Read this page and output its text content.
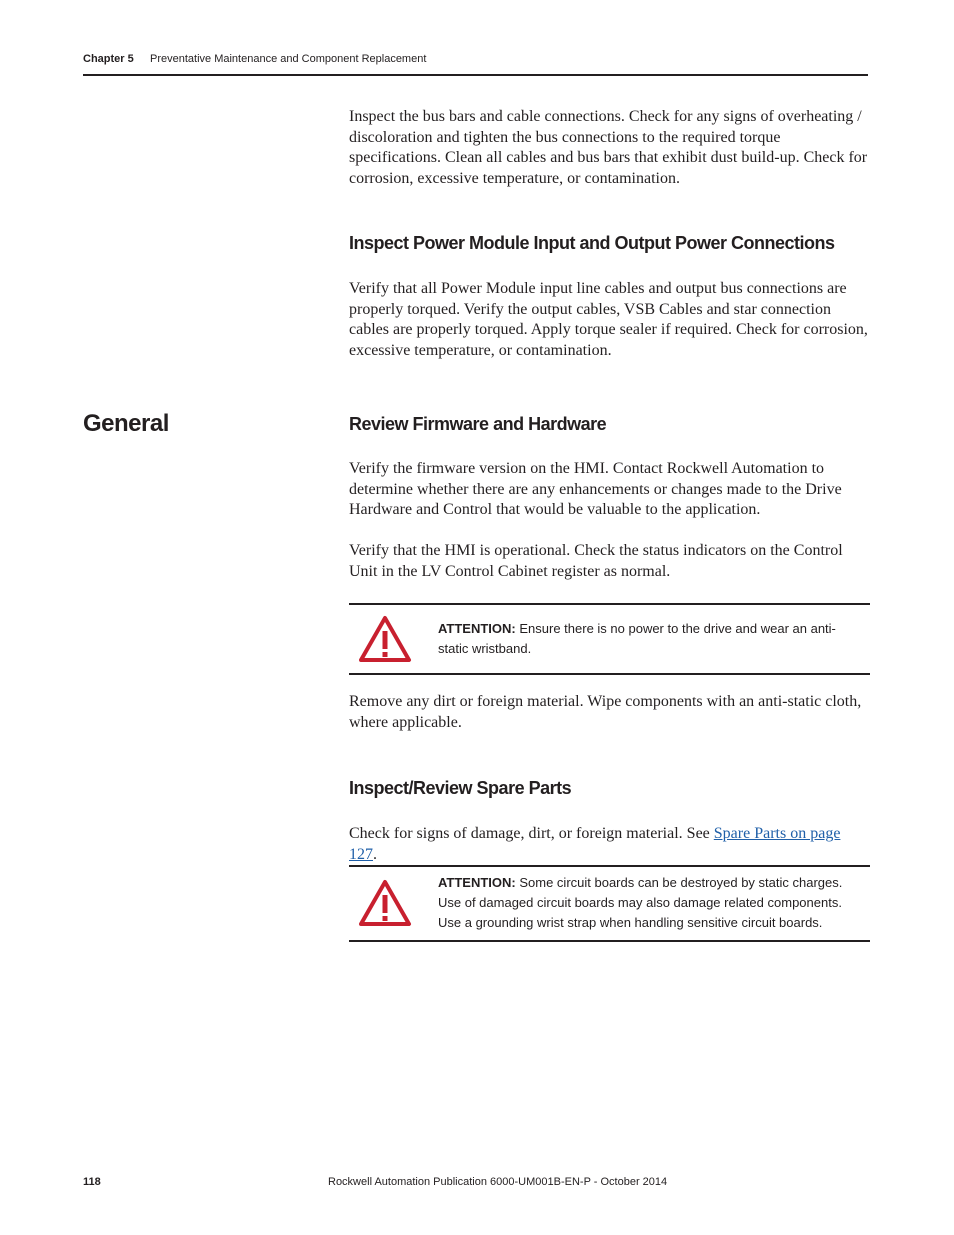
Chapter 5 Preventative Maintenance and Component Replacement

Inspect the bus bars and cable connections. Check for any signs of overheating / discoloration and tighten the bus connections to the required torque specifications. Clean all cables and bus bars that exhibit dust build-up. Check for corrosion, excessive temperature, or contamination.

Inspect Power Module Input and Output Power Connections

Verify that all Power Module input line cables and output bus connections are properly torqued. Verify the output cables, VSB Cables and star connection cables are properly torqued. Apply torque sealer if required. Check for corrosion, excessive temperature, or contamination.

General	Review Firmware and Hardware

Verify the firmware version on the HMI. Contact Rockwell Automation to determine whether there are any enhancements or changes made to the Drive Hardware and Control that would be valuable to the application.

Verify that the HMI is operational. Check the status indicators on the Control Unit in the LV Control Cabinet register as normal.

ATTENTION: Ensure there is no power to the drive and wear an anti-static wristband.

Remove any dirt or foreign material. Wipe components with an anti-static cloth, where applicable.

Inspect/Review Spare Parts

Check for signs of damage, dirt, or foreign material. See Spare Parts on page 127.

ATTENTION: Some circuit boards can be destroyed by static charges. Use of damaged circuit boards may also damage related components. Use a grounding wrist strap when handling sensitive circuit boards.
118	Rockwell Automation Publication 6000-UM001B-EN-P - October 2014
